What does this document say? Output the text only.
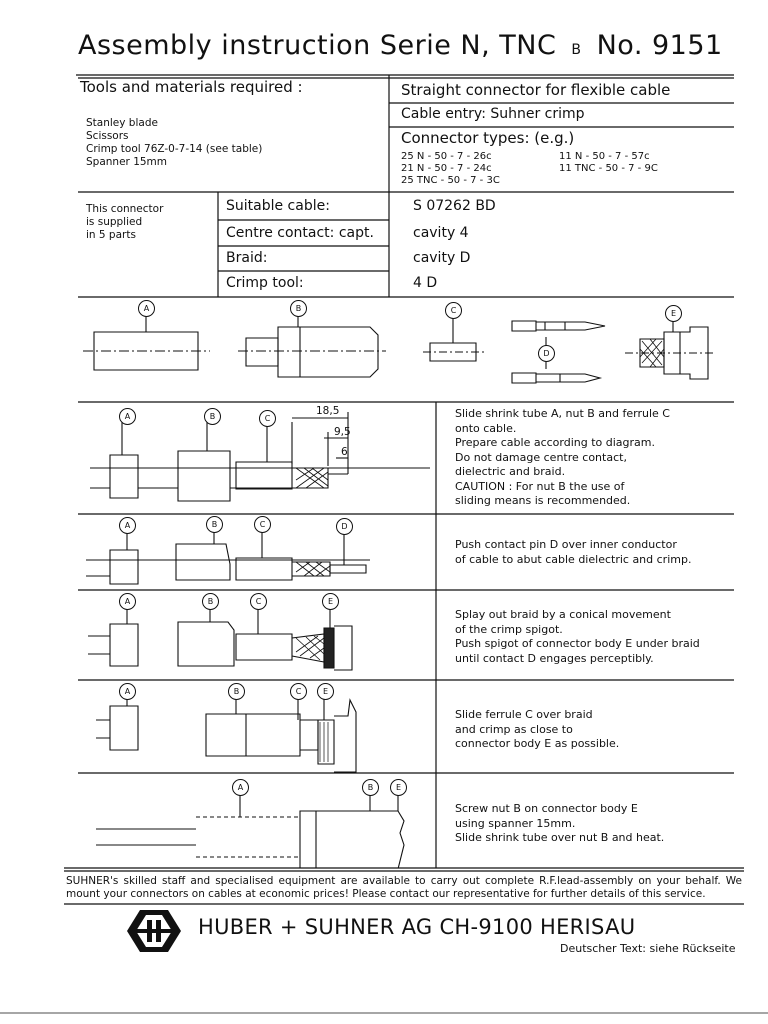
Assembly instruction Serie N, TNC B No. 9151
Tools and materials required :
Stanley blade
Scissors
Crimp tool 76Z-0-7-14 (see table)
Spanner 15mm
Straight connector for flexible cable
Cable entry: Suhner crimp
Connector types: (e.g.)
25 N - 50 - 7 - 26c
21 N - 50 - 7 - 24c
25 TNC - 50 - 7 - 3C
11 N - 50 - 7 - 57c
11 TNC - 50 - 7 - 9C
This connector
is supplied
in 5 parts
Suitable cable:	S 07262 BD
Centre contact: capt.	cavity 4
Braid:	cavity D
Crimp tool:	4 D
A	B	C
D
E
18,5
9,5
6
A	B	C	Slide shrink tube A, nut B and ferrule C
onto cable.
Prepare cable according to diagram.
Do not damage centre contact,
dielectric and braid.
CAUTION : For nut B the use of
sliding means is recommended.
A	B	C	D
Push contact pin D over inner conductor
of cable to abut cable dielectric and crimp.
A	B	C	E
Splay out braid by a conical movement
of the crimp spigot.
Push spigot of connector body E under braid
until contact D engages perceptibly.
A	B	C	E
Slide ferrule C over braid
and crimp as close to
connector body E as possible.
A	B	E
Screw nut B on connector body E
using spanner 15mm.
Slide shrink tube over nut B and heat.
SUHNER's skilled staff and specialised equipment are available to carry out complete R.F.lead-assembly on your behalf. We mount your connectors on cables at economic prices! Please contact our representative for further details of this service.
HUBER + SUHNER AG CH-9100 HERISAU
Deutscher Text: siehe Rückseite
